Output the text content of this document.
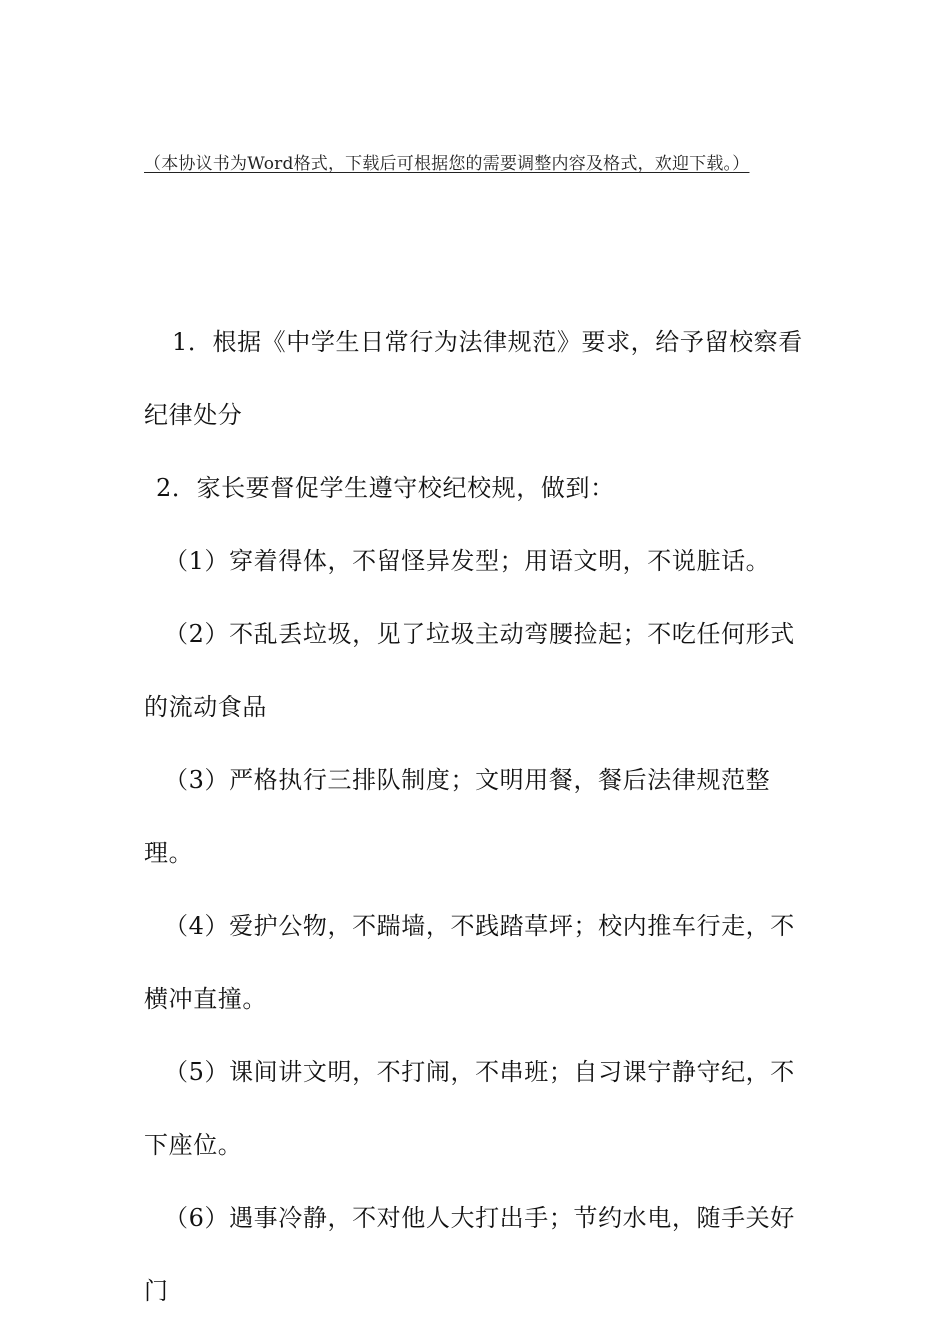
（本协议书为Word格式，下载后可根据您的需要调整内容及格式，欢迎下载。）

1．根据《中学生日常行为法律规范》要求，给予留校察看纪律处分

2．家长要督促学生遵守校纪校规，做到：

（1）穿着得体，不留怪异发型；用语文明，不说脏话。

（2）不乱丢垃圾，见了垃圾主动弯腰捡起；不吃任何形式的流动食品

（3）严格执行三排队制度；文明用餐，餐后法律规范整理。

（4）爱护公物，不踹墙，不践踏草坪；校内推车行走，不横冲直撞。

（5）课间讲文明，不打闹，不串班；自习课宁静守纪，不下座位。

（6）遇事冷静，不对他人大打出手；节约水电，随手关好门
